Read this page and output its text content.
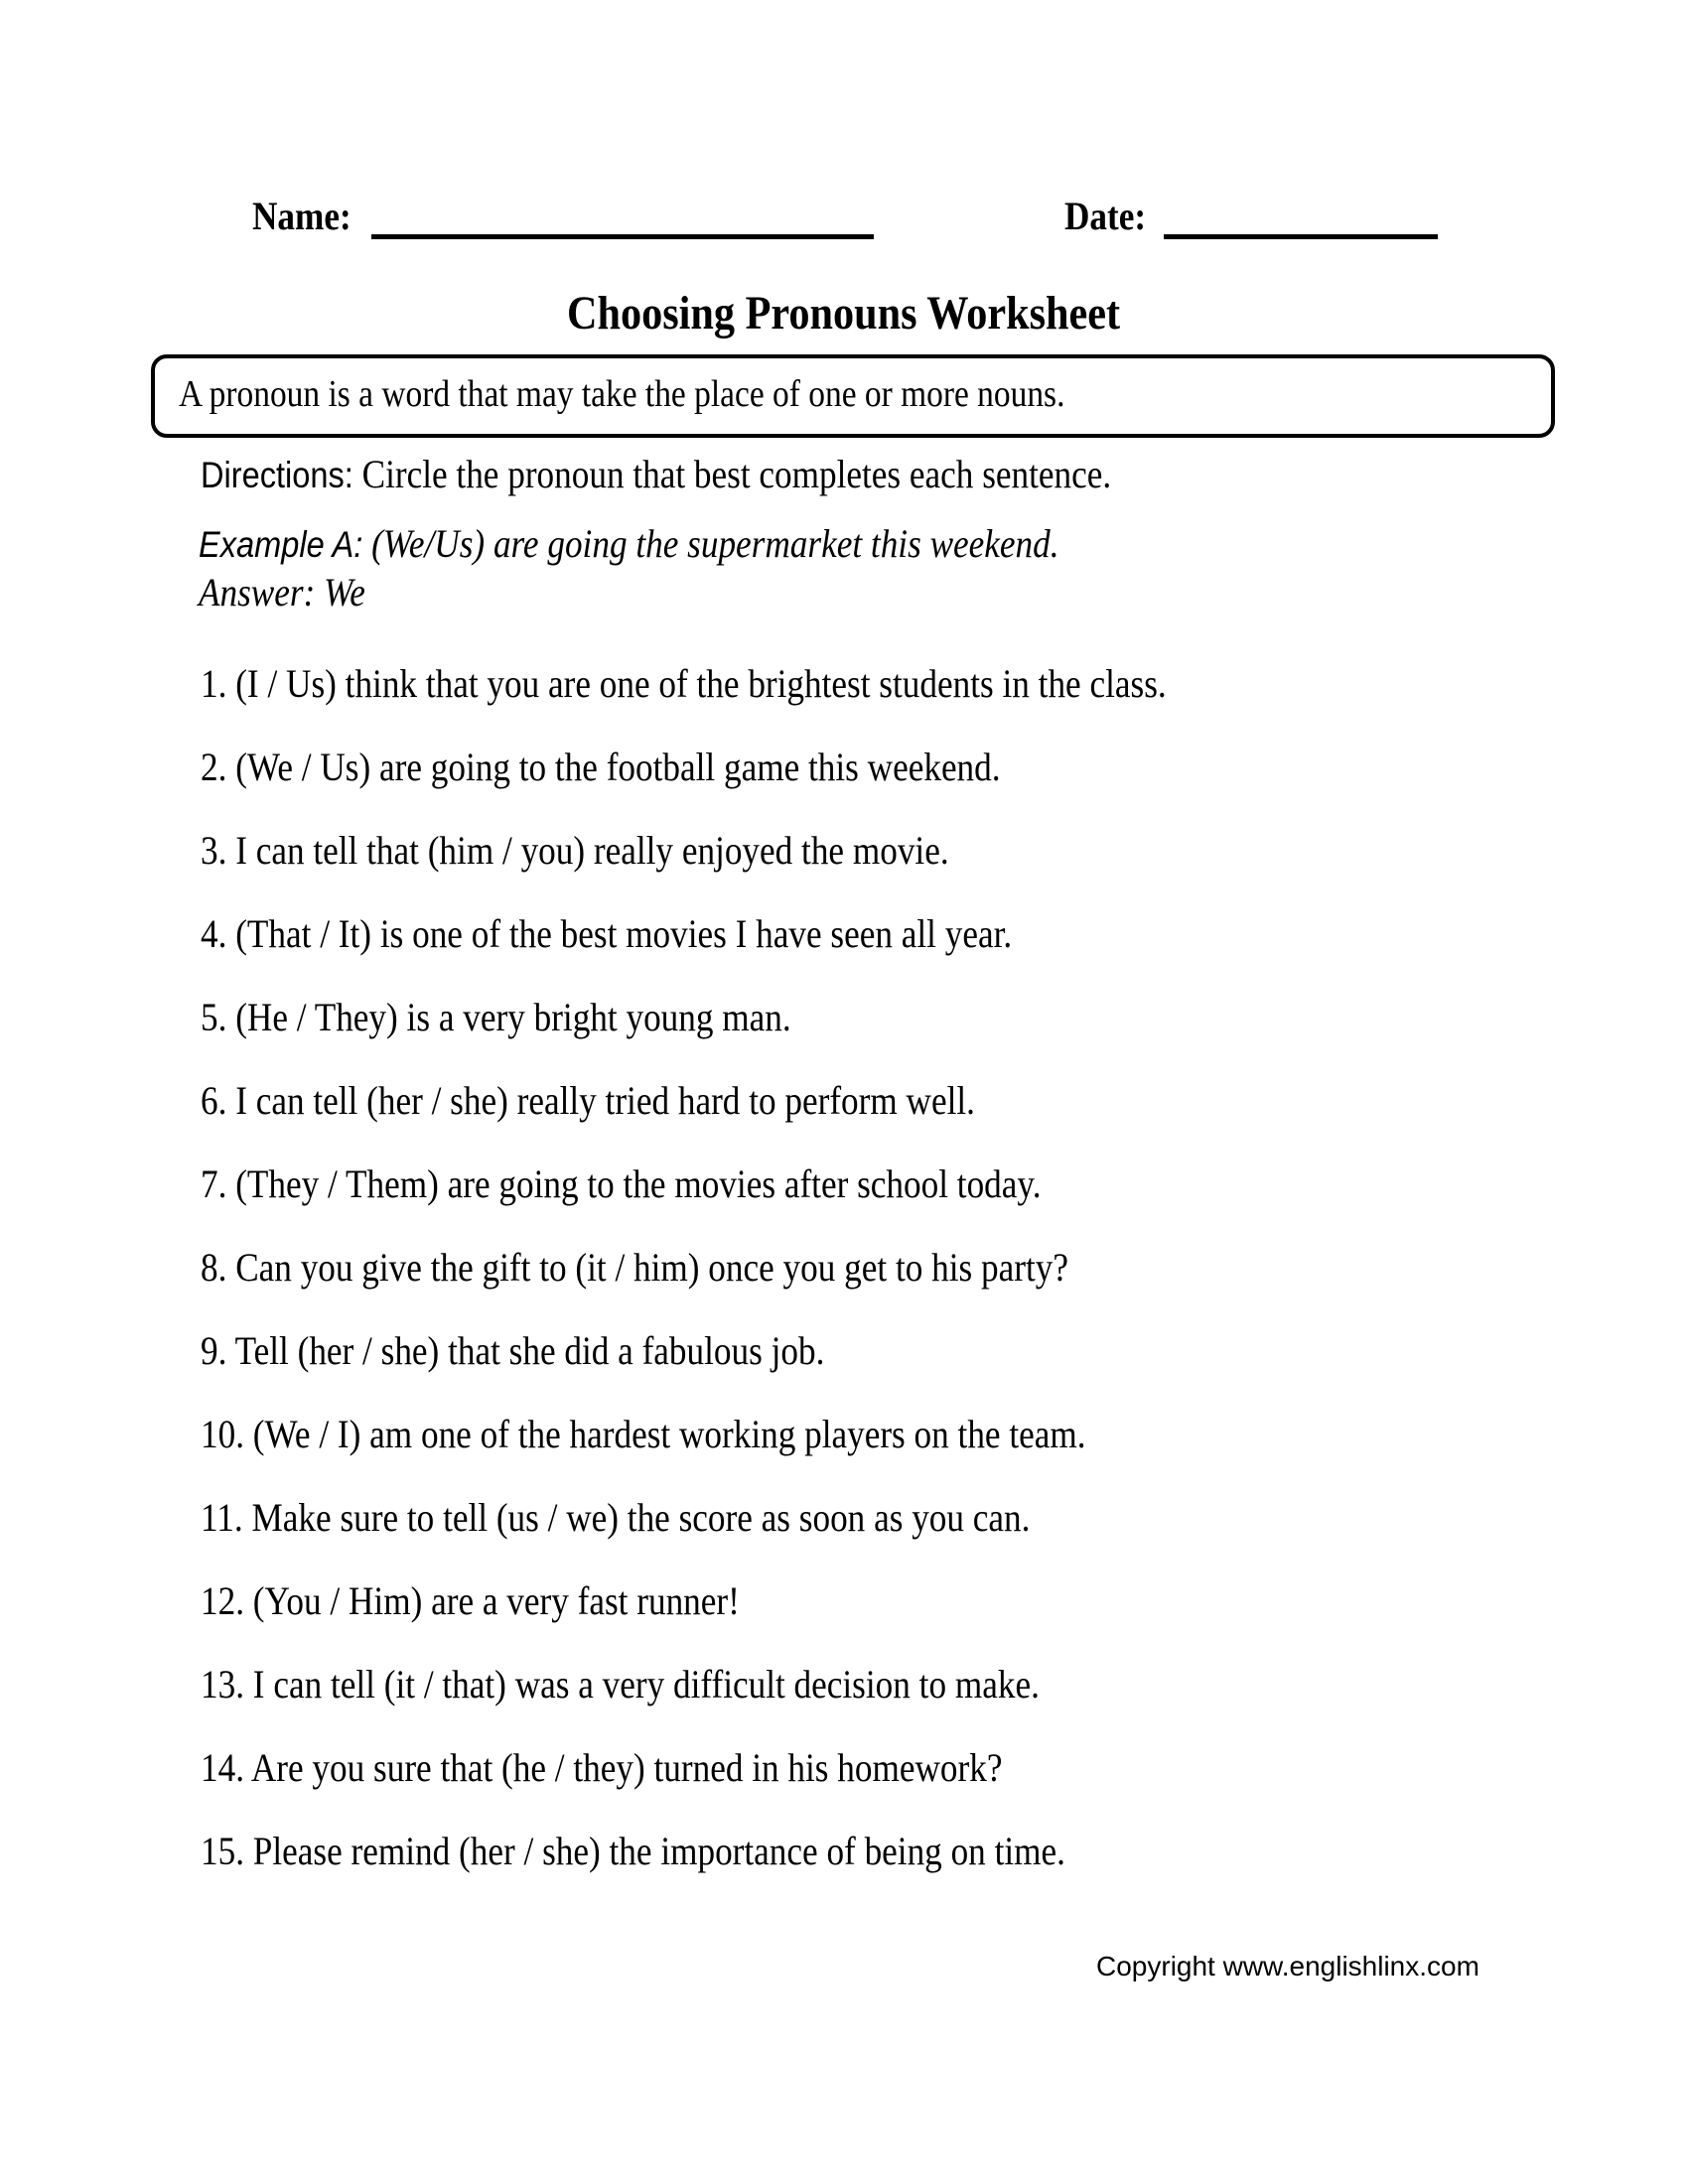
Name:	Date:
Choosing Pronouns Worksheet
A pronoun is a word that may take the place of one or more nouns.
Directions: Circle the pronoun that best completes each sentence.
Example A: (We/Us) are going the supermarket this weekend.
Answer: We
1. (I / Us) think that you are one of the brightest students in the class.
2. (We / Us) are going to the football game this weekend.
3. I can tell that (him / you) really enjoyed the movie.
4. (That / It) is one of the best movies I have seen all year.
5. (He / They) is a very bright young man.
6. I can tell (her / she) really tried hard to perform well.
7. (They / Them) are going to the movies after school today.
8. Can you give the gift to (it / him) once you get to his party?
9. Tell (her / she) that she did a fabulous job.
10. (We / I) am one of the hardest working players on the team.
11. Make sure to tell (us / we) the score as soon as you can.
12. (You / Him) are a very fast runner!
13. I can tell (it / that) was a very difficult decision to make.
14. Are you sure that (he / they) turned in his homework?
15. Please remind (her / she) the importance of being on time.
Copyright www.englishlinx.com
